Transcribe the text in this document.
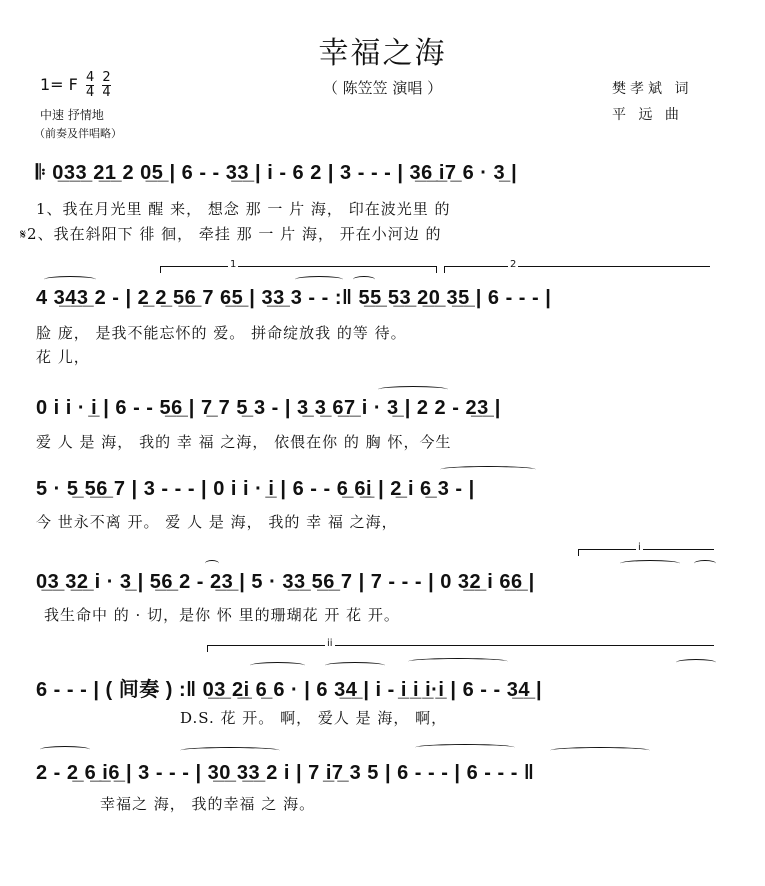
幸福之海
（ 陈笠笠 演唱 ）
1= F $\frac{4}{4}$
$\frac{2}{4}$
中速 抒情地
（前奏及伴唱略）
樊孝斌 词
平 远 曲
𝄆 0̲3̲3̲ 2̲1̲ 2 0̲5̲ | 6 - - 3̲3̲ | i - 6 2 | 3 - - - | 3̲6̲ i̲7̲ 6 · 3̲ |
1、我在月光里 醒 来， 想念 那 一 片 海， 印在波光里 的
𝄋2、我在斜阳下 徘 徊， 牵挂 那 一 片 海， 开在小河边 的
1	2
4 3̲4̲3̲ 2 - | 2̲ 2̲ 5̲6̲ 7 6̲5̲ | 3̲3̲ 3 - - :‖ 5̲5̲ 5̲3̲ 2̲0̲ 3̲5̲ | 6 - - - |
脸 庞， 是我不能忘怀的 爱。 拼命绽放我 的等 待。
花 儿，
0 i i · i̲ | 6 - - 5̲6̲ | 7̲ 7 5̲ 3 - | 3̲ 3̲ 6̲7̲ i · 3̲ | 2 2 - 2̲3̲ |
爱 人 是 海， 我的 幸 福 之海， 依偎在你 的 胸 怀，今生
5 · 5̲ 5̲6̲ 7 | 3 - - - | 0 i i · i̲ | 6 - - 6̲ 6̲i̲ | 2̲ i 6̲ 3 - |
今 世永不离 开。 爱 人 是 海， 我的 幸 福 之海，
i
0̲3̲ 3̲2̲ i · 3̲ | 5̲6̲ 2 - 2̲3̲ | 5 · 3̲3̲ 5̲6̲ 7 | 7 - - - | 0 3̲2̲ i 6̲6̲ |
我生命中 的 · 切，是你 怀 里的珊瑚花 开 花 开。
ii
6 - - - | ( 间奏 ) :‖ 0̲3̲ 2̲i̲ 6̲ 6 · | 6 3̲4̲ | i - i̲ i̲ i̲·i̲ | 6 - - 3̲4̲ |
D.S. 花 开。 啊， 爱人 是 海， 啊，
2 - 2̲ 6̲ i̲6̲ | 3 - - - | 3̲0̲ 3̲3̲ 2 i | 7 i̲7̲ 3 5 | 6 - - - | 6 - - - ‖
幸福之 海， 我的幸福 之 海。
